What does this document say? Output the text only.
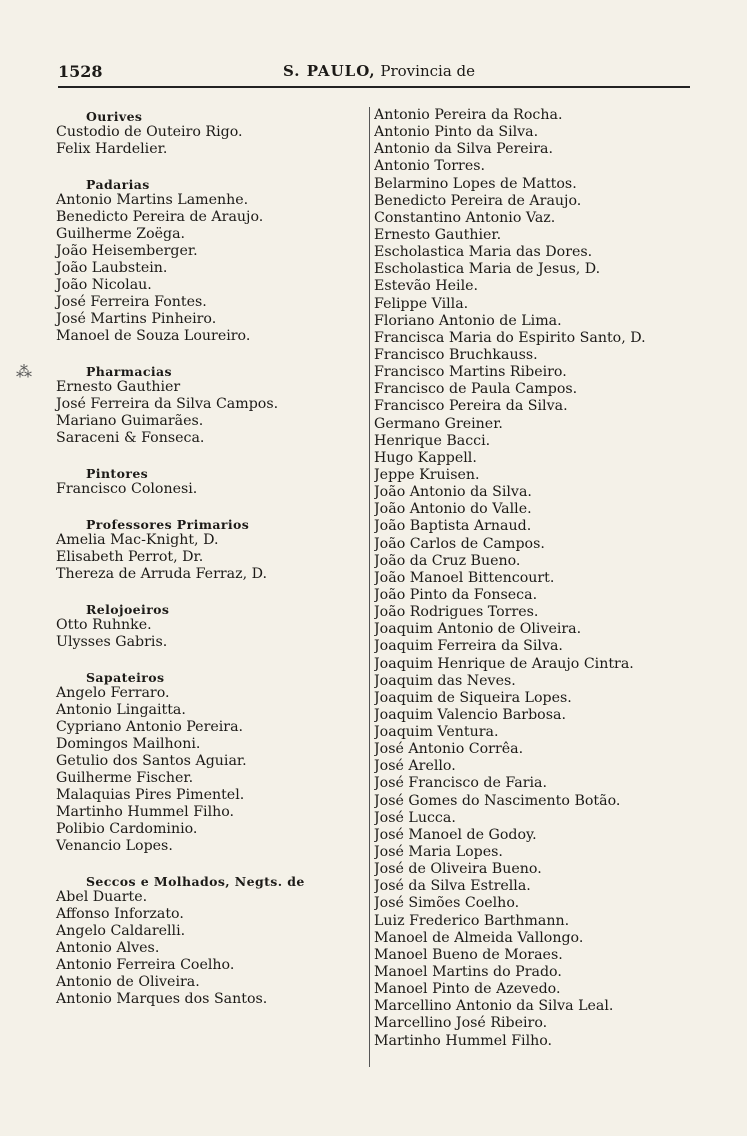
1528	S. PAULO, Provincia de
⁂
Ourives
Custodio de Outeiro Rigo.
Felix Hardelier.
Padarias
Antonio Martins Lamenhe.
Benedicto Pereira de Araujo.
Guilherme Zoëga.
João Heisemberger.
João Laubstein.
João Nicolau.
José Ferreira Fontes.
José Martins Pinheiro.
Manoel de Souza Loureiro.
Pharmacias
Ernesto Gauthier
José Ferreira da Silva Campos.
Mariano Guimarães.
Saraceni & Fonseca.
Pintores
Francisco Colonesi.
Professores Primarios
Amelia Mac-Knight, D.
Elisabeth Perrot, Dr.
Thereza de Arruda Ferraz, D.
Relojoeiros
Otto Ruhnke.
Ulysses Gabris.
Sapateiros
Angelo Ferraro.
Antonio Lingaitta.
Cypriano Antonio Pereira.
Domingos Mailhoni.
Getulio dos Santos Aguiar.
Guilherme Fischer.
Malaquias Pires Pimentel.
Martinho Hummel Filho.
Polibio Cardominio.
Venancio Lopes.
Seccos e Molhados, Negts. de
Abel Duarte.
Affonso Inforzato.
Angelo Caldarelli.
Antonio Alves.
Antonio Ferreira Coelho.
Antonio de Oliveira.
Antonio Marques dos Santos.
Antonio Pereira da Rocha.
Antonio Pinto da Silva.
Antonio da Silva Pereira.
Antonio Torres.
Belarmino Lopes de Mattos.
Benedicto Pereira de Araujo.
Constantino Antonio Vaz.
Ernesto Gauthier.
Escholastica Maria das Dores.
Escholastica Maria de Jesus, D.
Estevão Heile.
Felippe Villa.
Floriano Antonio de Lima.
Francisca Maria do Espirito Santo, D.
Francisco Bruchkauss.
Francisco Martins Ribeiro.
Francisco de Paula Campos.
Francisco Pereira da Silva.
Germano Greiner.
Henrique Bacci.
Hugo Kappell.
Jeppe Kruisen.
João Antonio da Silva.
João Antonio do Valle.
João Baptista Arnaud.
João Carlos de Campos.
João da Cruz Bueno.
João Manoel Bittencourt.
João Pinto da Fonseca.
João Rodrigues Torres.
Joaquim Antonio de Oliveira.
Joaquim Ferreira da Silva.
Joaquim Henrique de Araujo Cintra.
Joaquim das Neves.
Joaquim de Siqueira Lopes.
Joaquim Valencio Barbosa.
Joaquim Ventura.
José Antonio Corrêa.
José Arello.
José Francisco de Faria.
José Gomes do Nascimento Botão.
José Lucca.
José Manoel de Godoy.
José Maria Lopes.
José de Oliveira Bueno.
José da Silva Estrella.
José Simões Coelho.
Luiz Frederico Barthmann.
Manoel de Almeida Vallongo.
Manoel Bueno de Moraes.
Manoel Martins do Prado.
Manoel Pinto de Azevedo.
Marcellino Antonio da Silva Leal.
Marcellino José Ribeiro.
Martinho Hummel Filho.
